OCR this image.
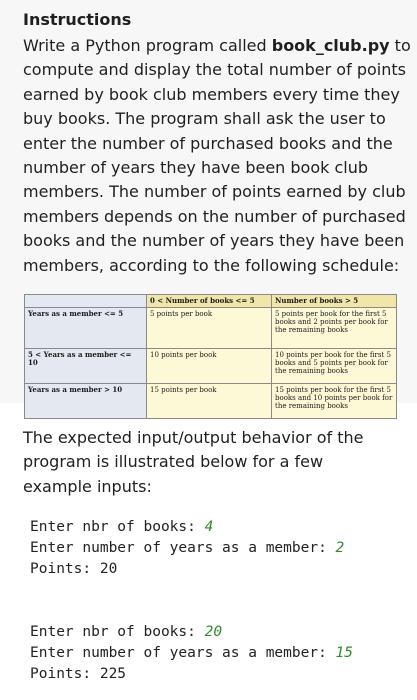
Instructions
Write a Python program called book_club.py to compute and display the total number of points earned by book club members every time they buy books. The program shall ask the user to enter the number of purchased books and the number of years they have been book club members. The number of points earned by club members depends on the number of purchased books and the number of years they have been members, according to the following schedule:
	0 < Number of books <= 5	Number of books > 5
Years as a member <= 5	5 points per book	5 points per book for the first 5 books and 2 points per book for the remaining books
5 < Years as a member <= 10	10 points per book	10 points per book for the first 5 books and 5 points per book for the remaining books
Years as a member > 10	15 points per book	15 points per book for the first 5 books and 10 points per book for the remaining books
The expected input/output behavior of the program is illustrated below for a few example inputs:
Enter nbr of books: 4
Enter number of years as a member: 2
Points: 20
Enter nbr of books: 20
Enter number of years as a member: 15
Points: 225
